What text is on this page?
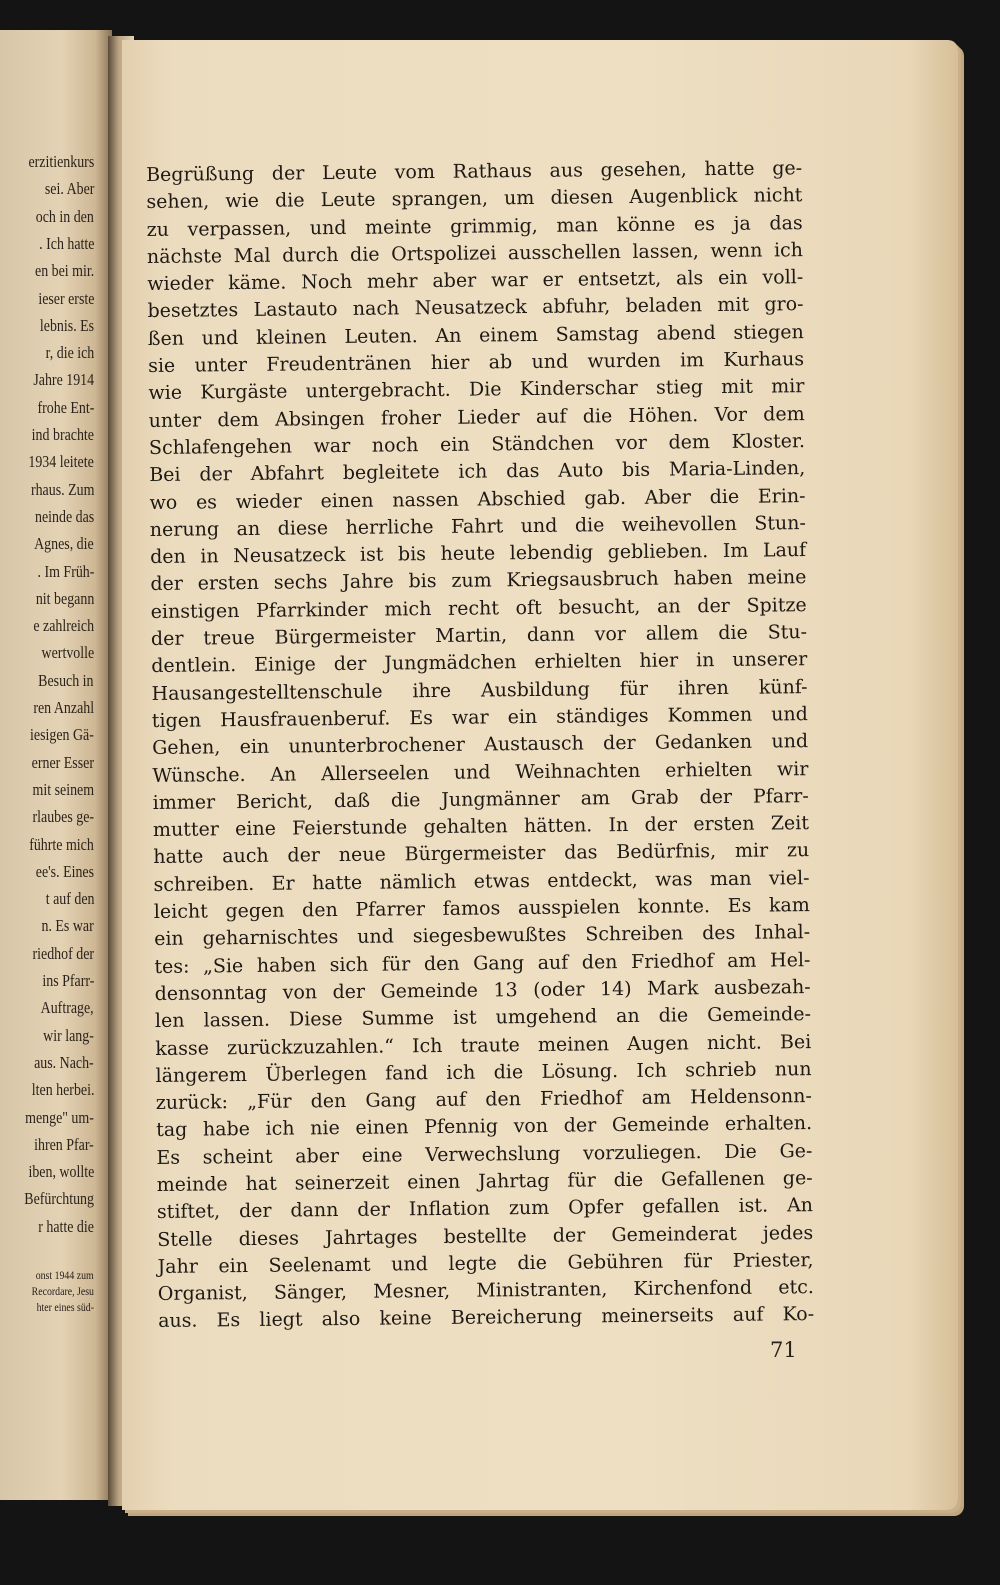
erzitienkurs
sei. Aber
och in den
. Ich hatte
en bei mir.
ieser erste
lebnis. Es
r, die ich
Jahre 1914
frohe Ent-
ind brachte
1934 leitete
rhaus. Zum
neinde das
Agnes, die
. Im Früh-
nit begann
e zahlreich
wertvolle
Besuch in
ren Anzahl
iesigen Gä-
erner Esser
mit seinem
rlaubes ge-
führte mich
ee's. Eines
t auf den
n. Es war
riedhof der
ins Pfarr-
Auftrage,
wir lang-
aus. Nach-
lten herbei.
menge" um-
ihren Pfar-
iben, wollte
Befürchtung
r hatte die
onst 1944 zum
Recordare, Jesu
hter eines süd-
Begrüßung der Leute vom Rathaus aus gesehen, hatte ge-
sehen, wie die Leute sprangen, um diesen Augenblick nicht
zu verpassen, und meinte grimmig, man könne es ja das
nächste Mal durch die Ortspolizei ausschellen lassen, wenn ich
wieder käme. Noch mehr aber war er entsetzt, als ein voll-
besetztes Lastauto nach Neusatzeck abfuhr, beladen mit gro-
ßen und kleinen Leuten. An einem Samstag abend stiegen
sie unter Freudentränen hier ab und wurden im Kurhaus
wie Kurgäste untergebracht. Die Kinderschar stieg mit mir
unter dem Absingen froher Lieder auf die Höhen. Vor dem
Schlafengehen war noch ein Ständchen vor dem Kloster.
Bei der Abfahrt begleitete ich das Auto bis Maria-Linden,
wo es wieder einen nassen Abschied gab. Aber die Erin-
nerung an diese herrliche Fahrt und die weihevollen Stun-
den in Neusatzeck ist bis heute lebendig geblieben. Im Lauf
der ersten sechs Jahre bis zum Kriegsausbruch haben meine
einstigen Pfarrkinder mich recht oft besucht, an der Spitze
der treue Bürgermeister Martin, dann vor allem die Stu-
dentlein. Einige der Jungmädchen erhielten hier in unserer
Hausangestelltenschule ihre Ausbildung für ihren künf-
tigen Hausfrauenberuf. Es war ein ständiges Kommen und
Gehen, ein ununterbrochener Austausch der Gedanken und
Wünsche. An Allerseelen und Weihnachten erhielten wir
immer Bericht, daß die Jungmänner am Grab der Pfarr-
mutter eine Feierstunde gehalten hätten. In der ersten Zeit
hatte auch der neue Bürgermeister das Bedürfnis, mir zu
schreiben. Er hatte nämlich etwas entdeckt, was man viel-
leicht gegen den Pfarrer famos ausspielen konnte. Es kam
ein geharnischtes und siegesbewußtes Schreiben des Inhal-
tes: „Sie haben sich für den Gang auf den Friedhof am Hel-
densonntag von der Gemeinde 13 (oder 14) Mark ausbezah-
len lassen. Diese Summe ist umgehend an die Gemeinde-
kasse zurückzuzahlen.“ Ich traute meinen Augen nicht. Bei
längerem Überlegen fand ich die Lösung. Ich schrieb nun
zurück: „Für den Gang auf den Friedhof am Heldensonn-
tag habe ich nie einen Pfennig von der Gemeinde erhalten.
Es scheint aber eine Verwechslung vorzuliegen. Die Ge-
meinde hat seinerzeit einen Jahrtag für die Gefallenen ge-
stiftet, der dann der Inflation zum Opfer gefallen ist. An
Stelle dieses Jahrtages bestellte der Gemeinderat jedes
Jahr ein Seelenamt und legte die Gebühren für Priester,
Organist, Sänger, Mesner, Ministranten, Kirchenfond etc.
aus. Es liegt also keine Bereicherung meinerseits auf Ko-
71
